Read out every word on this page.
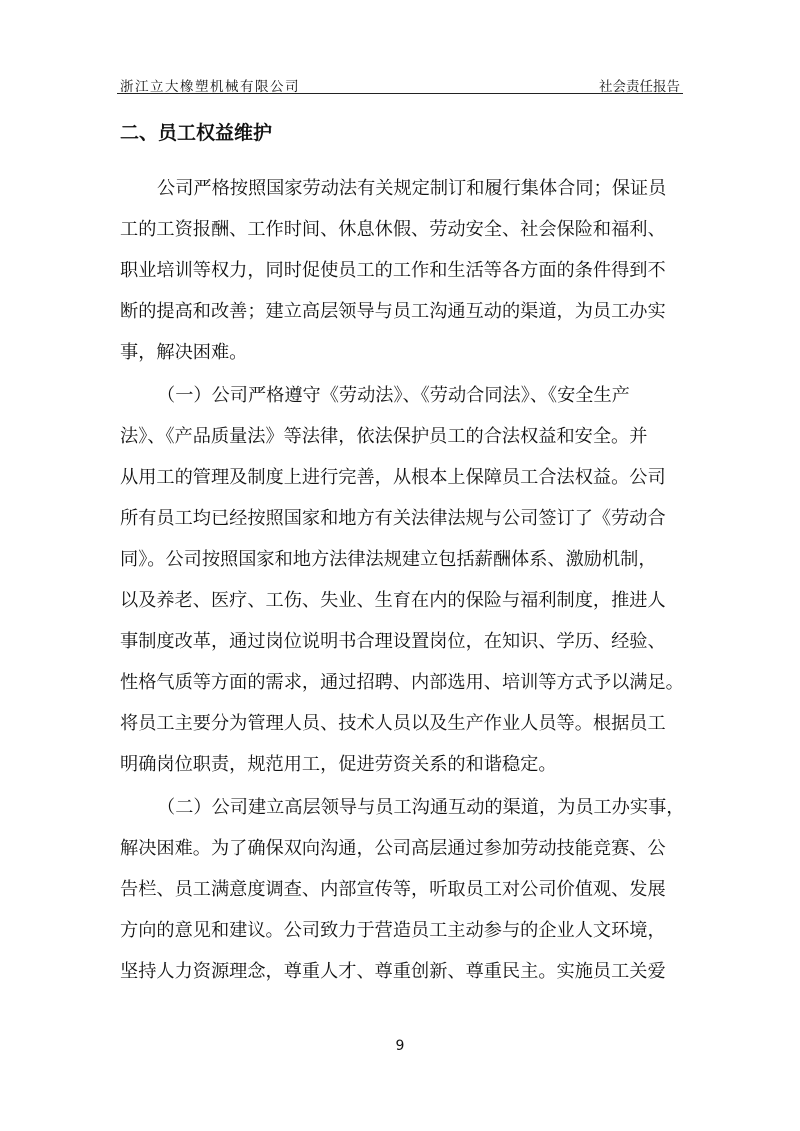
浙江立大橡塑机械有限公司	社会责任报告
二、员工权益维护
公司严格按照国家劳动法有关规定制订和履行集体合同；保证员
工的工资报酬、工作时间、休息休假、劳动安全、社会保险和福利、
职业培训等权力，同时促使员工的工作和生活等各方面的条件得到不
断的提高和改善；建立高层领导与员工沟通互动的渠道，为员工办实
事，解决困难。
（一）公司严格遵守《劳动法》、《劳动合同法》、《安全生产
法》、《产品质量法》等法律，依法保护员工的合法权益和安全。并
从用工的管理及制度上进行完善，从根本上保障员工合法权益。公司
所有员工均已经按照国家和地方有关法律法规与公司签订了《劳动合
同》。公司按照国家和地方法律法规建立包括薪酬体系、激励机制，
以及养老、医疗、工伤、失业、生育在内的保险与福利制度，推进人
事制度改革，通过岗位说明书合理设置岗位，在知识、学历、经验、
性格气质等方面的需求，通过招聘、内部选用、培训等方式予以满足。
将员工主要分为管理人员、技术人员以及生产作业人员等。根据员工
明确岗位职责，规范用工，促进劳资关系的和谐稳定。
（二）公司建立高层领导与员工沟通互动的渠道，为员工办实事，
解决困难。为了确保双向沟通，公司高层通过参加劳动技能竞赛、公
告栏、员工满意度调查、内部宣传等，听取员工对公司价值观、发展
方向的意见和建议。公司致力于营造员工主动参与的企业人文环境，
坚持人力资源理念，尊重人才、尊重创新、尊重民主。实施员工关爱
9
